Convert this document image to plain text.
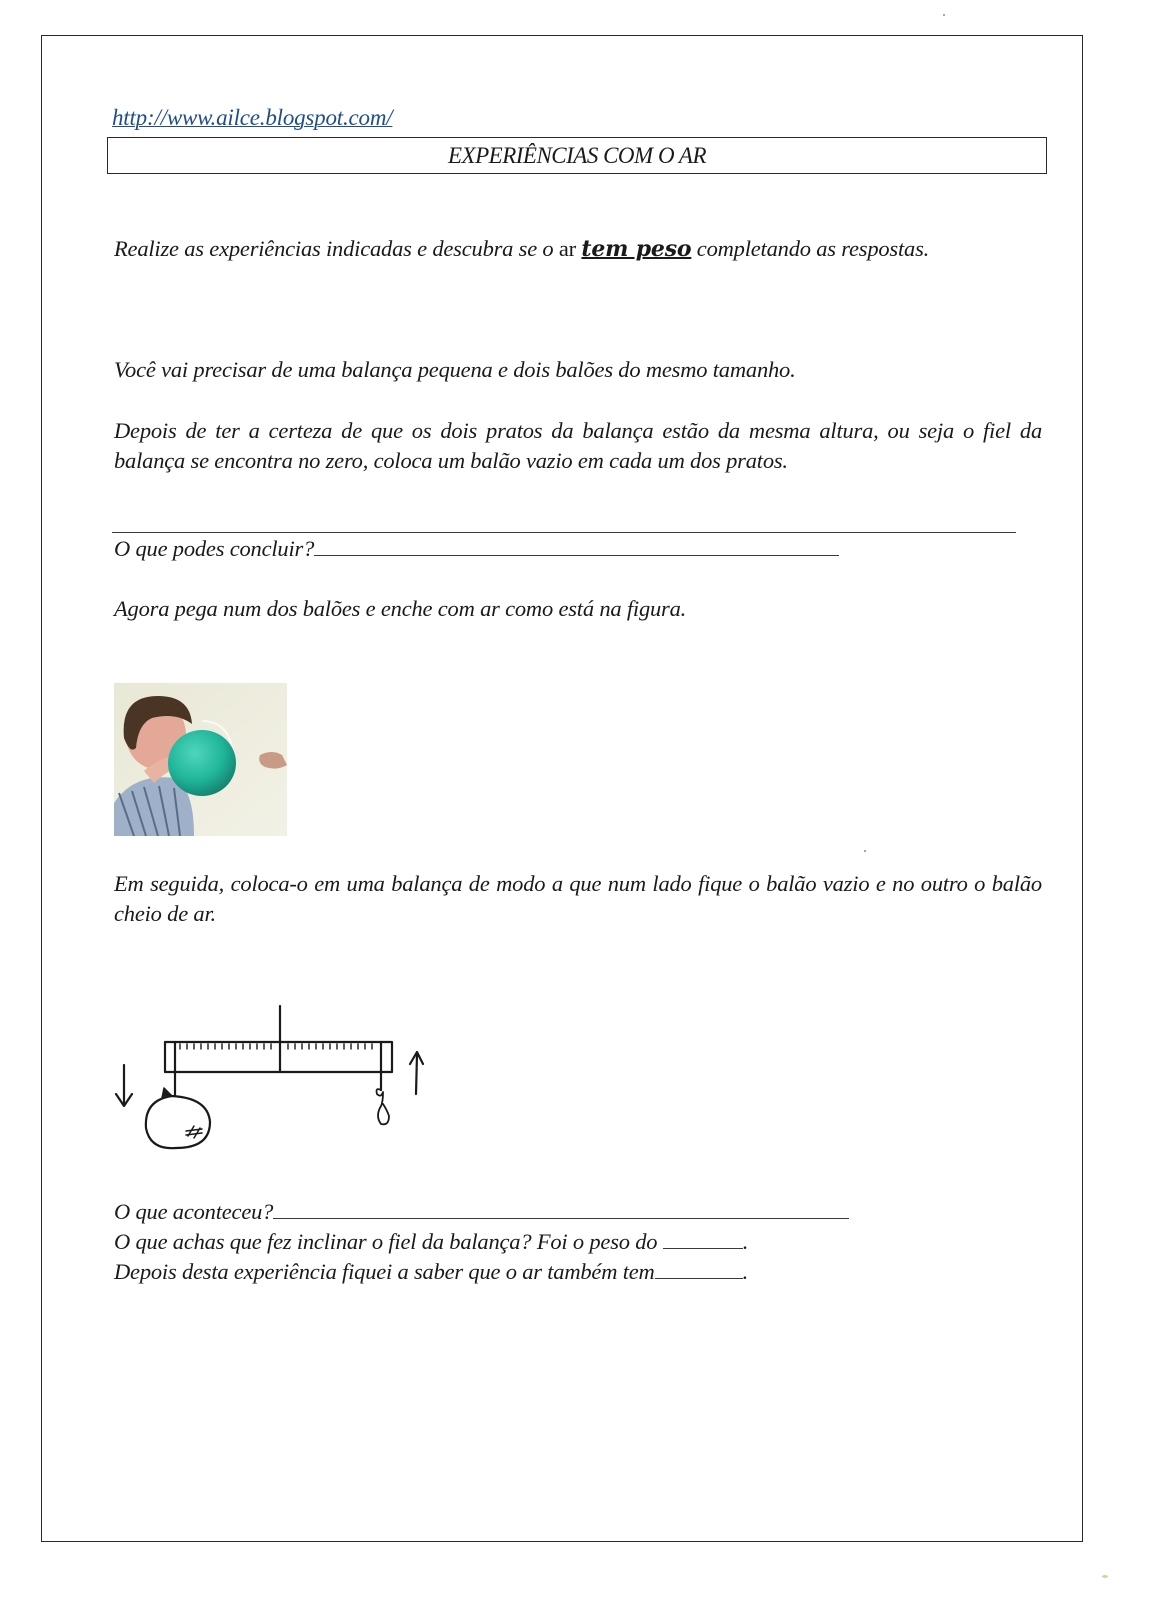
http://www.ailce.blogspot.com/
EXPERIÊNCIAS COM O AR
Realize as experiências indicadas e descubra se o ar tem peso completando as respostas.
Você vai precisar de uma balança pequena e dois balões do mesmo tamanho.
Depois de ter a certeza de que os dois pratos da balança estão da mesma altura, ou seja o fiel da balança se encontra no zero, coloca um balão vazio em cada um dos pratos.
O que podes concluir?
Agora pega num dos balões e enche com ar como está na figura.
Em seguida, coloca-o em uma balança de modo a que num lado fique o balão vazio e no outro o balão cheio de ar.
O que aconteceu?
O que achas que fez inclinar o fiel da balança? Foi o peso do	.
Depois desta experiência fiquei a saber que o ar também tem	.
